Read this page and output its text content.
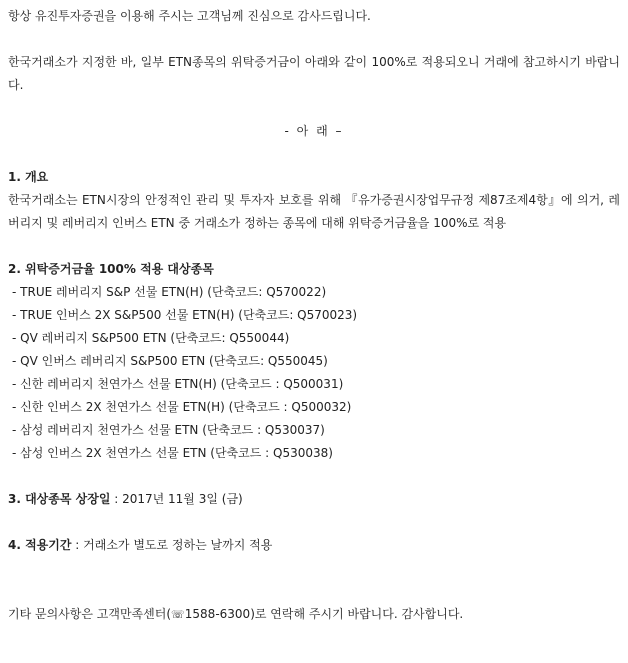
항상 유진투자증권을 이용해 주시는 고객님께 진심으로 감사드립니다.

한국거래소가 지정한 바, 일부 ETN종목의 위탁증거금이 아래와 같이 100%로 적용되오니 거래에 참고하시기 바랍니다.

- 아 래 –

1. 개요

한국거래소는 ETN시장의 안정적인 관리 및 투자자 보호를 위해 『유가증권시장업무규정 제87조제4항』에 의거, 레버리지 및 레버리지 인버스 ETN 중 거래소가 정하는 종목에 대해 위탁증거금율을 100%로 적용

2. 위탁증거금율 100% 적용 대상종목

- TRUE 레버리지 S&P 선물 ETN(H) (단축코드: Q570022)
- TRUE 인버스 2X S&P500 선물 ETN(H) (단축코드: Q570023)
- QV 레버리지 S&P500 ETN (단축코드: Q550044)
- QV 인버스 레버리지 S&P500 ETN (단축코드: Q550045)
- 신한 레버리지 천연가스 선물 ETN(H) (단축코드 : Q500031)
- 신한 인버스 2X 천연가스 선물 ETN(H) (단축코드 : Q500032)
- 삼성 레버리지 천연가스 선물 ETN (단축코드 : Q530037)
- 삼성 인버스 2X 천연가스 선물 ETN (단축코드 : Q530038)

3. 대상종목 상장일 : 2017년 11월 3일 (금)

4. 적용기간 : 거래소가 별도로 정하는 날까지 적용

기타 문의사항은 고객만족센터(☏1588-6300)로 연락해 주시기 바랍니다. 감사합니다.
